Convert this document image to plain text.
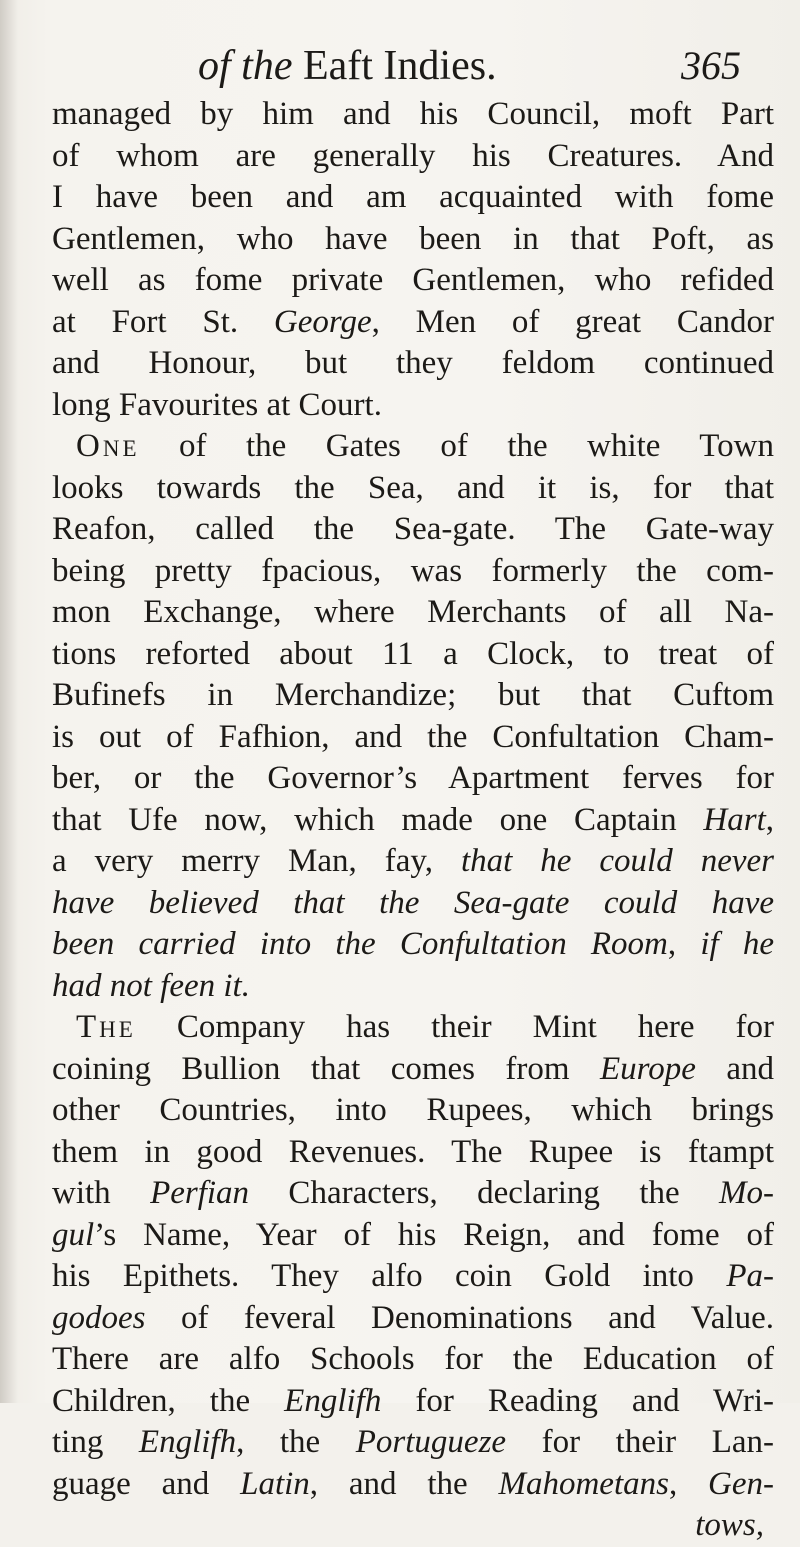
of the Eaft Indies.	365
managed by him and his Council, moft Part
of whom are generally his Creatures. And
I have been and am acquainted with fome
Gentlemen, who have been in that Poft, as
well as fome private Gentlemen, who refided
at Fort St. George, Men of great Candor
and Honour, but they feldom continued
long Favourites at Court.
One of the Gates of the white Town
looks towards the Sea, and it is, for that
Reafon, called the Sea-gate. The Gate-way
being pretty fpacious, was formerly the com-
mon Exchange, where Merchants of all Na-
tions reforted about 11 a Clock, to treat of
Bufinefs in Merchandize; but that Cuftom
is out of Fafhion, and the Confultation Cham-
ber, or the Governor’s Apartment ferves for
that Ufe now, which made one Captain Hart,
a very merry Man, fay, that he could never
have believed that the Sea-gate could have
been carried into the Confultation Room, if he
had not feen it.
The Company has their Mint here for
coining Bullion that comes from Europe and
other Countries, into Rupees, which brings
them in good Revenues. The Rupee is ftampt
with Perfian Characters, declaring the Mo-
gul’s Name, Year of his Reign, and fome of
his Epithets. They alfo coin Gold into Pa-
godoes of feveral Denominations and Value.
There are alfo Schools for the Education of
Children, the Englifh for Reading and Wri-
ting Englifh, the Portugueze for their Lan-
guage and Latin, and the Mahometans, Gen-
tows,
